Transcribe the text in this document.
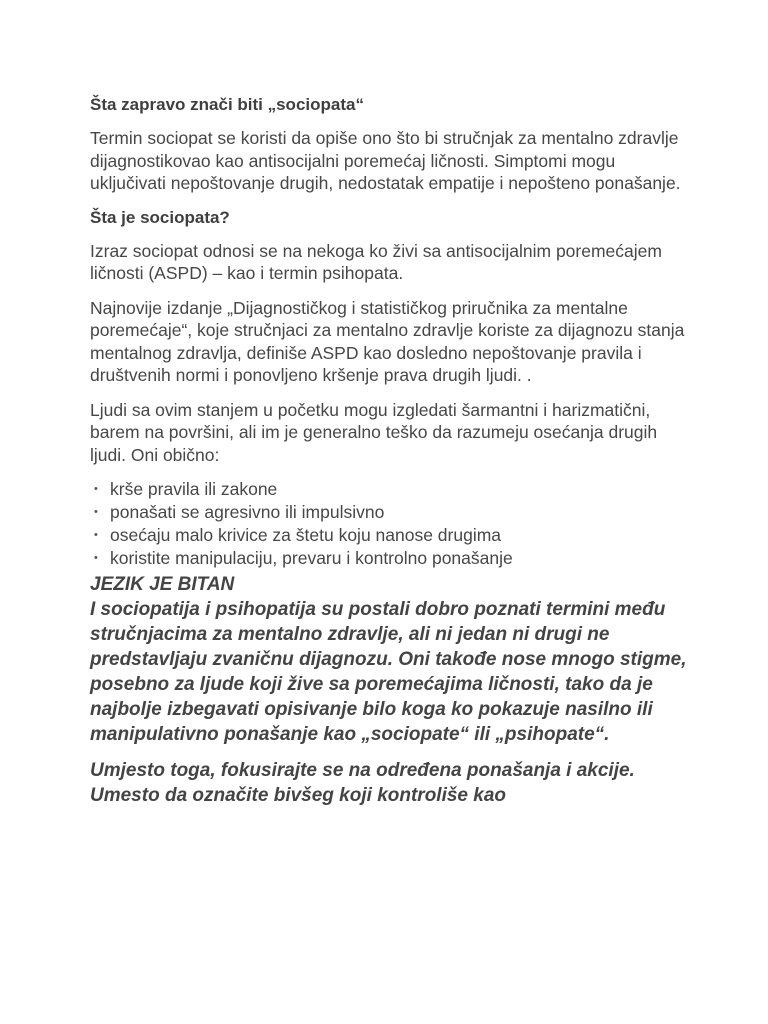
Šta zapravo znači biti „sociopata“

Termin sociopat se koristi da opiše ono što bi stručnjak za mentalno zdravlje dijagnostikovao kao antisocijalni poremećaj ličnosti. Simptomi mogu uključivati nepoštovanje drugih, nedostatak empatije i nepošteno ponašanje.

Šta je sociopata?

Izraz sociopat odnosi se na nekoga ko živi sa antisocijalnim poremećajem ličnosti (ASPD) – kao i termin psihopata.

Najnovije izdanje „Dijagnostičkog i statističkog priručnika za mentalne poremećaje“, koje stručnjaci za mentalno zdravlje koriste za dijagnozu stanja mentalnog zdravlja, definiše ASPD kao dosledno nepoštovanje pravila i društvenih normi i ponovljeno kršenje prava drugih ljudi. .

Ljudi sa ovim stanjem u početku mogu izgledati šarmantni i harizmatični, barem na površini, ali im je generalno teško da razumeju osećanja drugih ljudi. Oni obično:

• krše pravila ili zakone
• ponašati se agresivno ili impulsivno
• osećaju malo krivice za štetu koju nanose drugima
• koristite manipulaciju, prevaru i kontrolno ponašanje

JEZIK JE BITAN

I sociopatija i psihopatija su postali dobro poznati termini među stručnjacima za mentalno zdravlje, ali ni jedan ni drugi ne predstavljaju zvaničnu dijagnozu. Oni takođe nose mnogo stigme, posebno za ljude koji žive sa poremećajima ličnosti, tako da je najbolje izbegavati opisivanje bilo koga ko pokazuje nasilno ili manipulativno ponašanje kao „sociopate“ ili „psihopate“.

Umjesto toga, fokusirajte se na određena ponašanja i akcije. Umesto da označite bivšeg koji kontroliše kao
